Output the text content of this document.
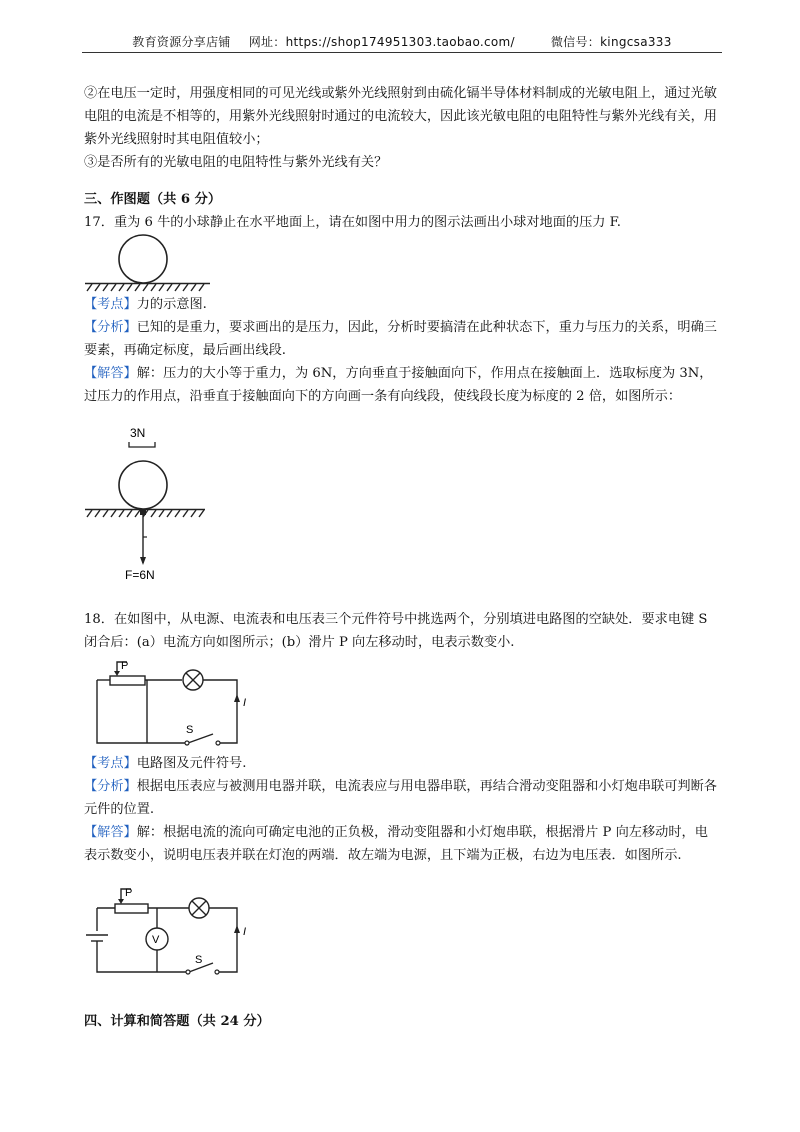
教育资源分享店铺 网址：https://shop174951303.taobao.com/	微信号：kingcsa333

②在电压一定时，用强度相同的可见光线或紫外光线照射到由硫化镉半导体材料制成的光敏电阻上，通过光敏电阻的电流是不相等的，用紫外光线照射时通过的电流较大，因此该光敏电阻的电阻特性与紫外光线有关，用紫外光线照射时其电阻值较小；

③是否所有的光敏电阻的电阻特性与紫外光线有关？

三、作图题（共 6 分）

17．重为 6 牛的小球静止在水平地面上，请在如图中用力的图示法画出小球对地面的压力 F.

【考点】力的示意图.

【分析】已知的是重力，要求画出的是压力，因此，分析时要搞清在此种状态下，重力与压力的关系，明确三要素，再确定标度，最后画出线段.

【解答】解：压力的大小等于重力，为 6N，方向垂直于接触面向下，作用点在接触面上．选取标度为 3N，过压力的作用点，沿垂直于接触面向下的方向画一条有向线段，使线段长度为标度的 2 倍，如图所示：

3N
F=6N

18．在如图中，从电源、电流表和电压表三个元件符号中挑选两个，分别填进电路图的空缺处．要求电键 S 闭合后：(a）电流方向如图所示；(b）滑片 P 向左移动时，电表示数变小.

P
S
I

【考点】电路图及元件符号.

【分析】根据电压表应与被测用电器并联，电流表应与用电器串联，再结合滑动变阻器和小灯炮串联可判断各元件的位置.

【解答】解：根据电流的流向可确定电池的正负极，滑动变阻器和小灯炮串联，根据滑片 P 向左移动时，电表示数变小，说明电压表并联在灯泡的两端．故左端为电源，且下端为正极，右边为电压表．如图所示.

P
V
S
I

四、计算和简答题（共 24 分）
